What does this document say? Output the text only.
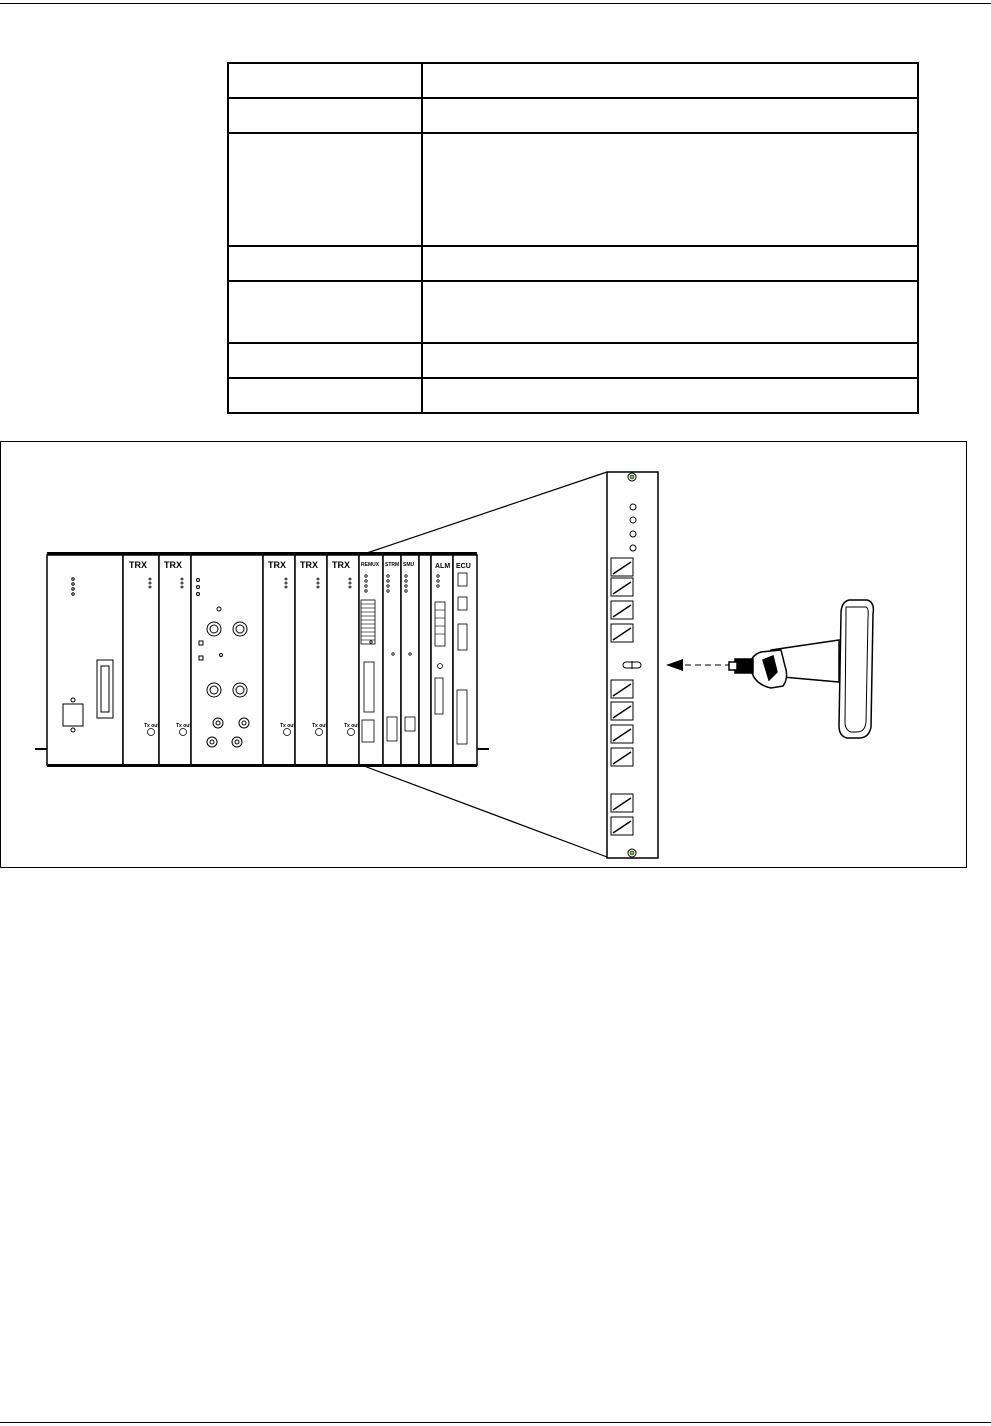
TRX TRX	TRX TRX TRX
Tx out	Tx out	Tx out	Tx out	Tx out
REMUX STRM SMU	ALM ECU
